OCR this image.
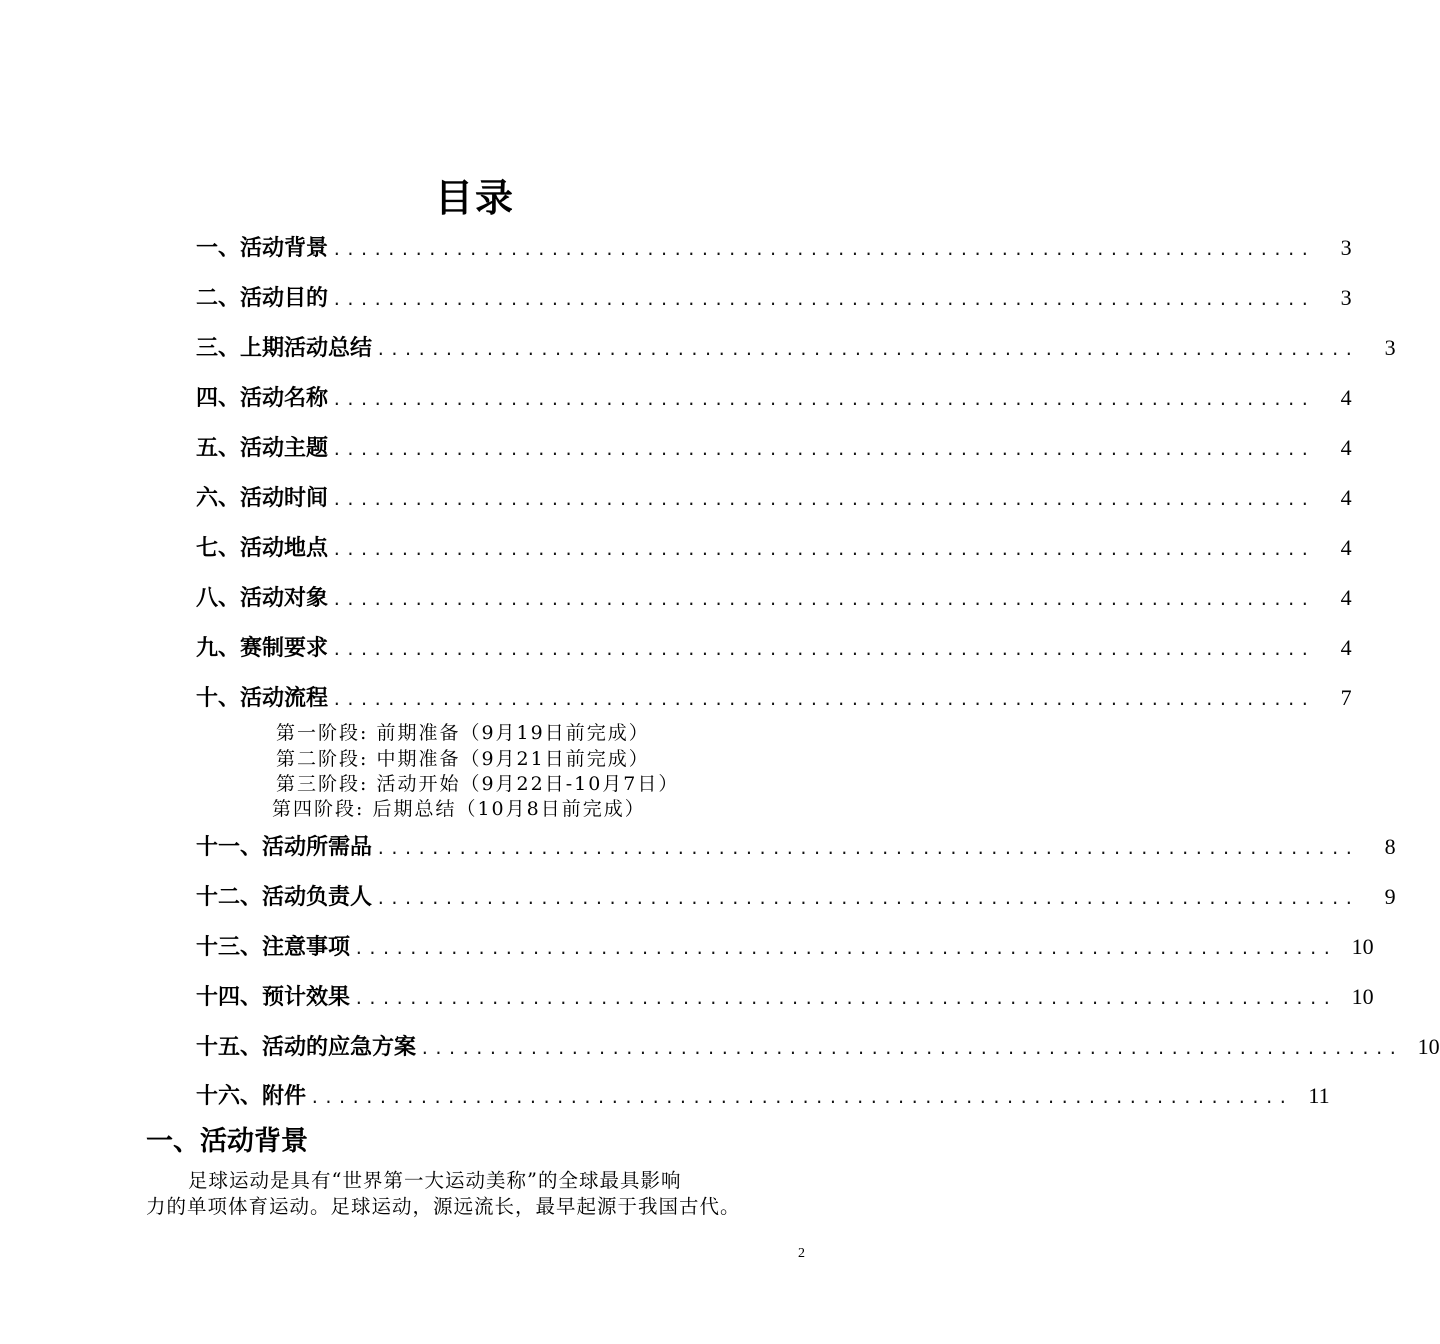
目录
一、活动背景 ........................................................................	3
二、活动目的 ........................................................................	3
三、上期活动总结 ........................................................................	3
四、活动名称 ........................................................................	4
五、活动主题 ........................................................................	4
六、活动时间 ........................................................................	4
七、活动地点 ........................................................................	4
八、活动对象 ........................................................................	4
九、赛制要求 ........................................................................	4
十、活动流程 ........................................................................	7
第一阶段: 前期准备（9月19日前完成）
第二阶段: 中期准备（9月21日前完成）
第三阶段: 活动开始（9月22日-10月7日）
第四阶段: 后期总结（10月8日前完成）
十一、活动所需品 ........................................................................	8
十二、活动负责人 ........................................................................	9
十三、注意事项 ........................................................................ 10
十四、预计效果 ........................................................................ 10
十五、活动的应急方案 ........................................................................ 10
十六、附件 ........................................................................ 11
一、活动背景
足球运动是具有“世界第一大运动美称”的全球最具影响
力的单项体育运动。足球运动，源远流长，最早起源于我国古代。
2
